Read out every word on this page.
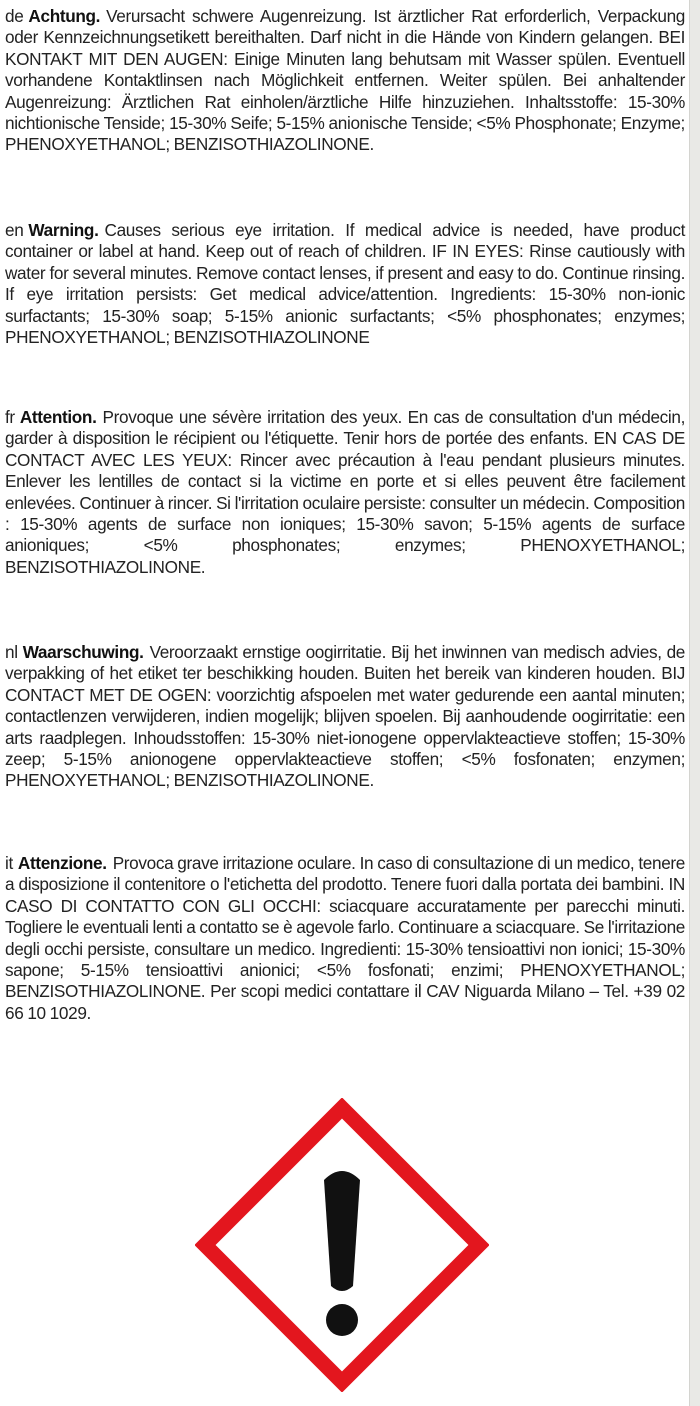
de Achtung. Verursacht schwere Augenreizung. Ist ärztlicher Rat erforderlich, Verpackung oder Kennzeichnungsetikett bereithalten. Darf nicht in die Hände von Kindern gelangen. BEI KONTAKT MIT DEN AUGEN: Einige Minuten lang behutsam mit Wasser spülen. Eventuell vorhandene Kontaktlinsen nach Möglichkeit entfernen. Weiter spülen. Bei anhaltender Augenreizung: Ärztlichen Rat einholen/ärztliche Hilfe hinzuziehen. Inhaltsstoffe: 15-30% nichtionische Tenside; 15-30% Seife; 5-15% anionische Tenside; <5% Phosphonate; Enzyme; PHENOXYETHANOL; BENZISOTHIAZOLINONE.

en Warning. Causes serious eye irritation. If medical advice is needed, have product container or label at hand. Keep out of reach of children. IF IN EYES: Rinse cautiously with water for several minutes. Remove contact lenses, if present and easy to do. Continue rinsing. If eye irritation persists: Get medical advice/attention. Ingredients: 15-30% non-ionic surfactants; 15-30% soap; 5-15% anionic surfactants; <5% phosphonates; enzymes; PHENOXYETHANOL; BENZISOTHIAZOLINONE

fr Attention. Provoque une sévère irritation des yeux. En cas de consultation d'un médecin, garder à disposition le récipient ou l'étiquette. Tenir hors de portée des enfants. EN CAS DE CONTACT AVEC LES YEUX: Rincer avec précaution à l'eau pendant plusieurs minutes. Enlever les lentilles de contact si la victime en porte et si elles peuvent être facilement enlevées. Continuer à rincer. Si l'irritation oculaire persiste: consulter un médecin. Composition : 15-30% agents de surface non ioniques; 15-30% savon; 5-15% agents de surface anioniques; <5% phosphonates; enzymes; PHENOXYETHANOL; BENZISOTHIAZOLINONE.

nl Waarschuwing. Veroorzaakt ernstige oogirritatie. Bij het inwinnen van medisch advies, de verpakking of het etiket ter beschikking houden. Buiten het bereik van kinderen houden. BIJ CONTACT MET DE OGEN: voorzichtig afspoelen met water gedurende een aantal minuten; contactlenzen verwijderen, indien mogelijk; blijven spoelen. Bij aanhoudende oogirritatie: een arts raadplegen. Inhoudsstoffen: 15-30% niet-ionogene oppervlakteactieve stoffen; 15-30% zeep; 5-15% anionogene oppervlakteactieve stoffen; <5% fosfonaten; enzymen; PHENOXYETHANOL; BENZISOTHIAZOLINONE.

it Attenzione. Provoca grave irritazione oculare. In caso di consultazione di un medico, tenere a disposizione il contenitore o l'etichetta del prodotto. Tenere fuori dalla portata dei bambini. IN CASO DI CONTATTO CON GLI OCCHI: sciacquare accuratamente per parecchi minuti. Togliere le eventuali lenti a contatto se è agevole farlo. Continuare a sciacquare. Se l'irritazione degli occhi persiste, consultare un medico. Ingredienti: 15-30% tensioattivi non ionici; 15-30% sapone; 5-15% tensioattivi anionici; <5% fosfonati; enzimi; PHENOXYETHANOL; BENZISOTHIAZOLINONE. Per scopi medici contattare il CAV Niguarda Milano – Tel. +39 02 66 10 1029.
